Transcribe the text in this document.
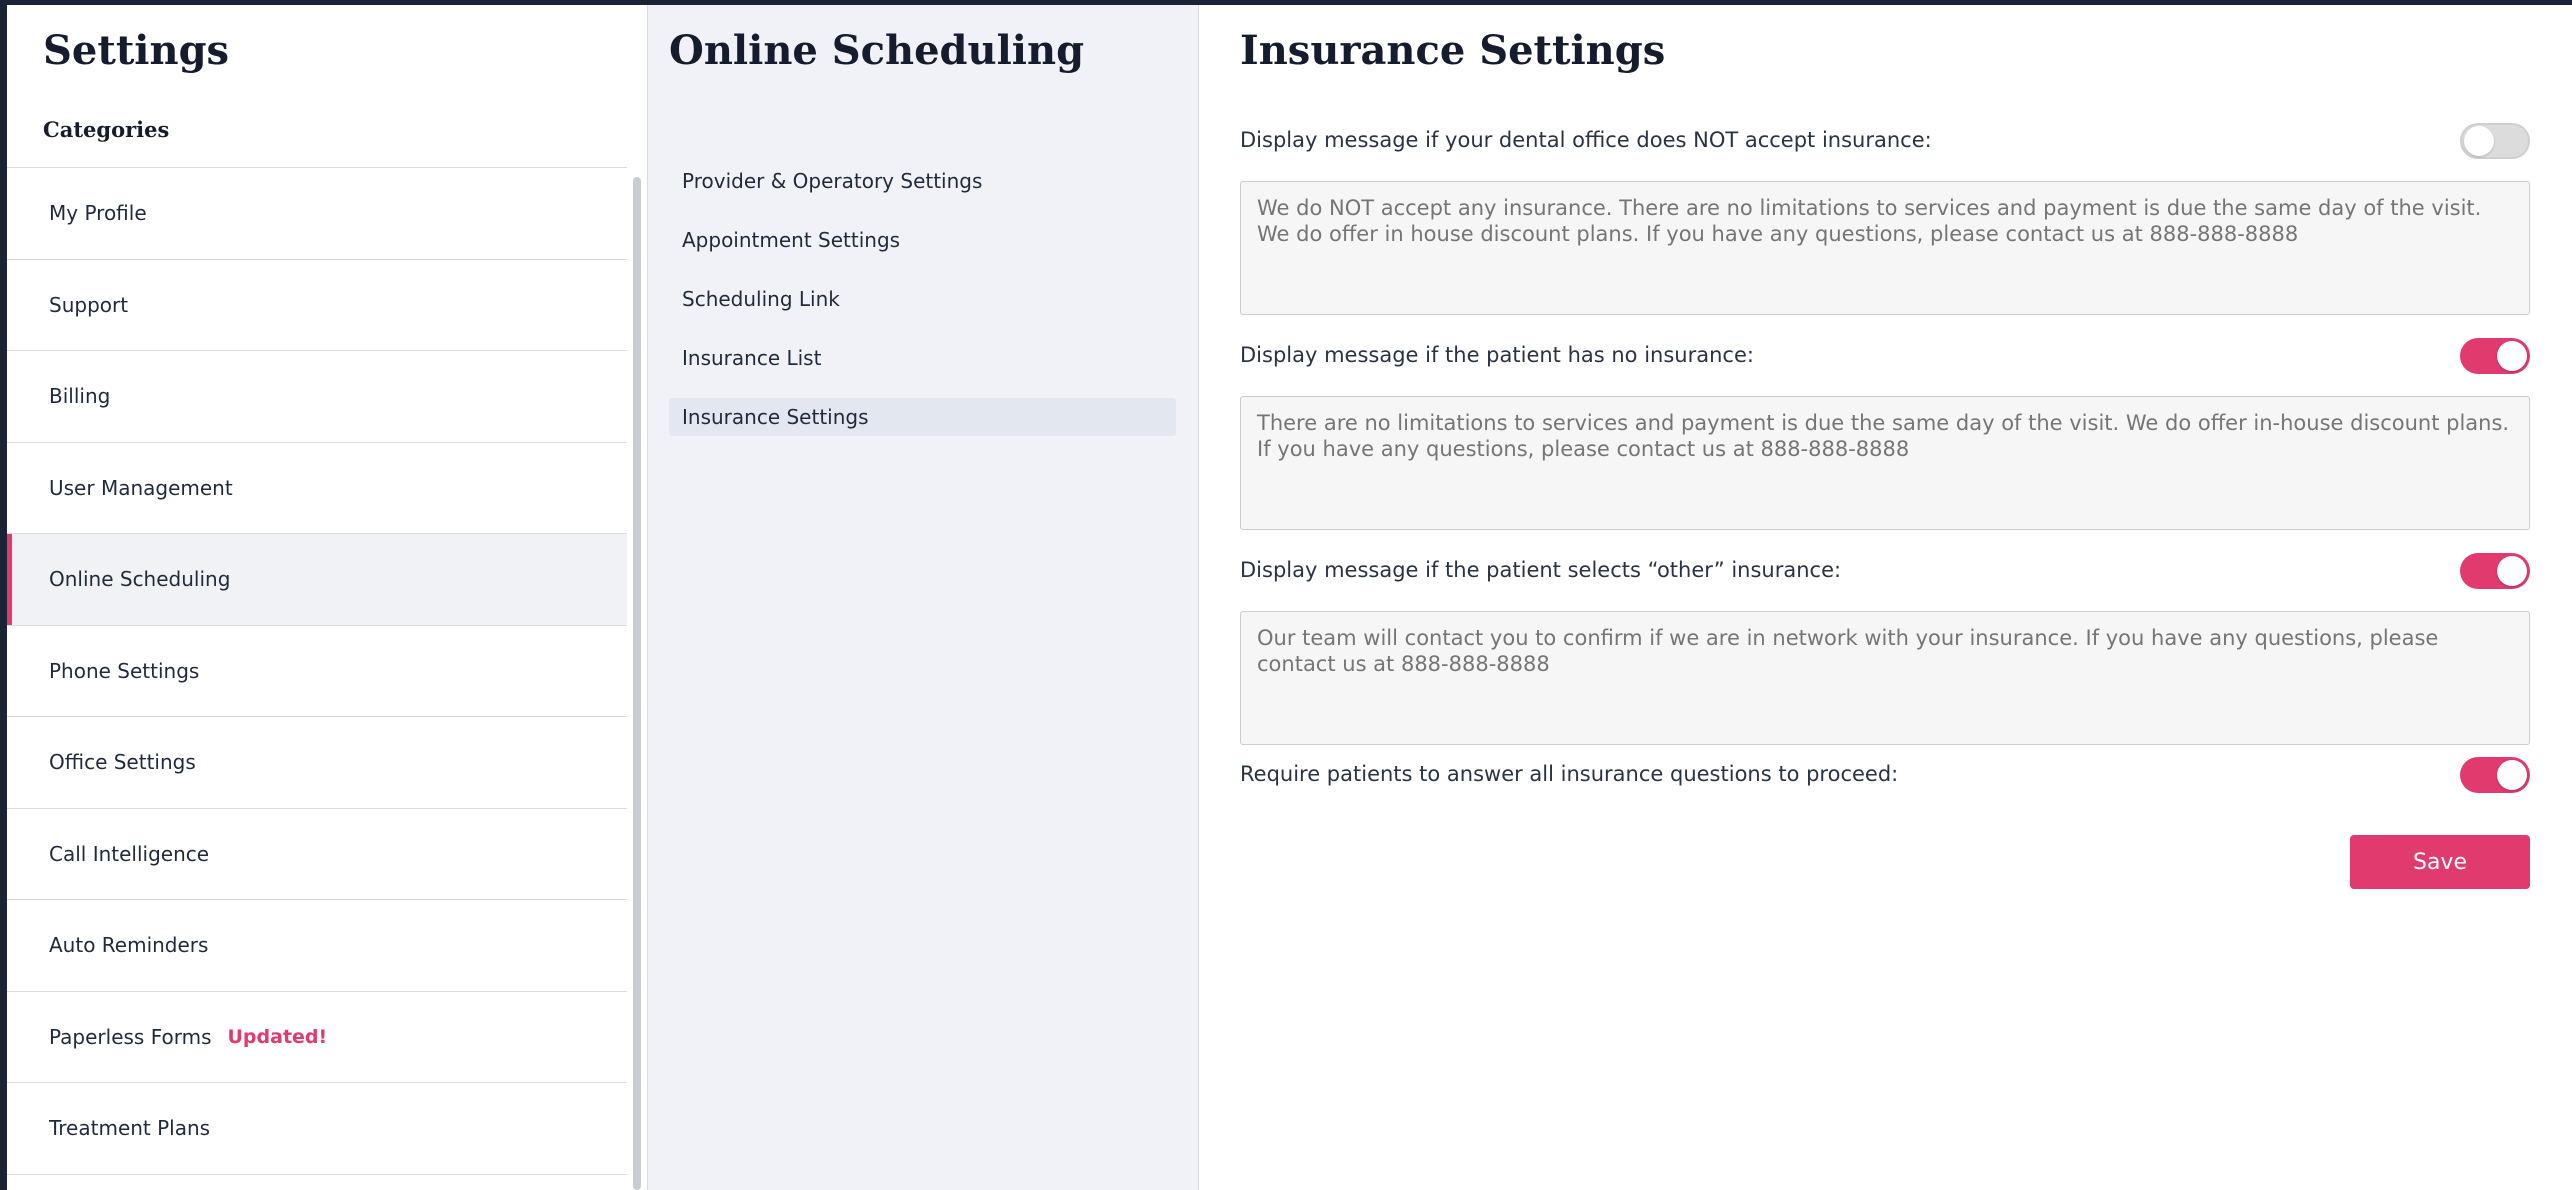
Settings
Categories
My Profile
Support
Billing
User Management
Online Scheduling
Phone Settings
Office Settings
Call Intelligence
Auto Reminders
Paperless Forms Updated!
Treatment Plans
Online Scheduling
Provider & Operatory Settings
Appointment Settings
Scheduling Link
Insurance List
Insurance Settings
Insurance Settings
Display message if your dental office does NOT accept insurance:
We do NOT accept any insurance. There are no limitations to services and payment is due the same day of the visit. We do offer in house discount plans. If you have any questions, please contact us at 888-888-8888
Display message if the patient has no insurance:
There are no limitations to services and payment is due the same day of the visit. We do offer in-house discount plans. If you have any questions, please contact us at 888-888-8888
Display message if the patient selects “other” insurance:
Our team will contact you to confirm if we are in network with your insurance. If you have any questions, please contact us at 888-888-8888
Require patients to answer all insurance questions to proceed:
Save
